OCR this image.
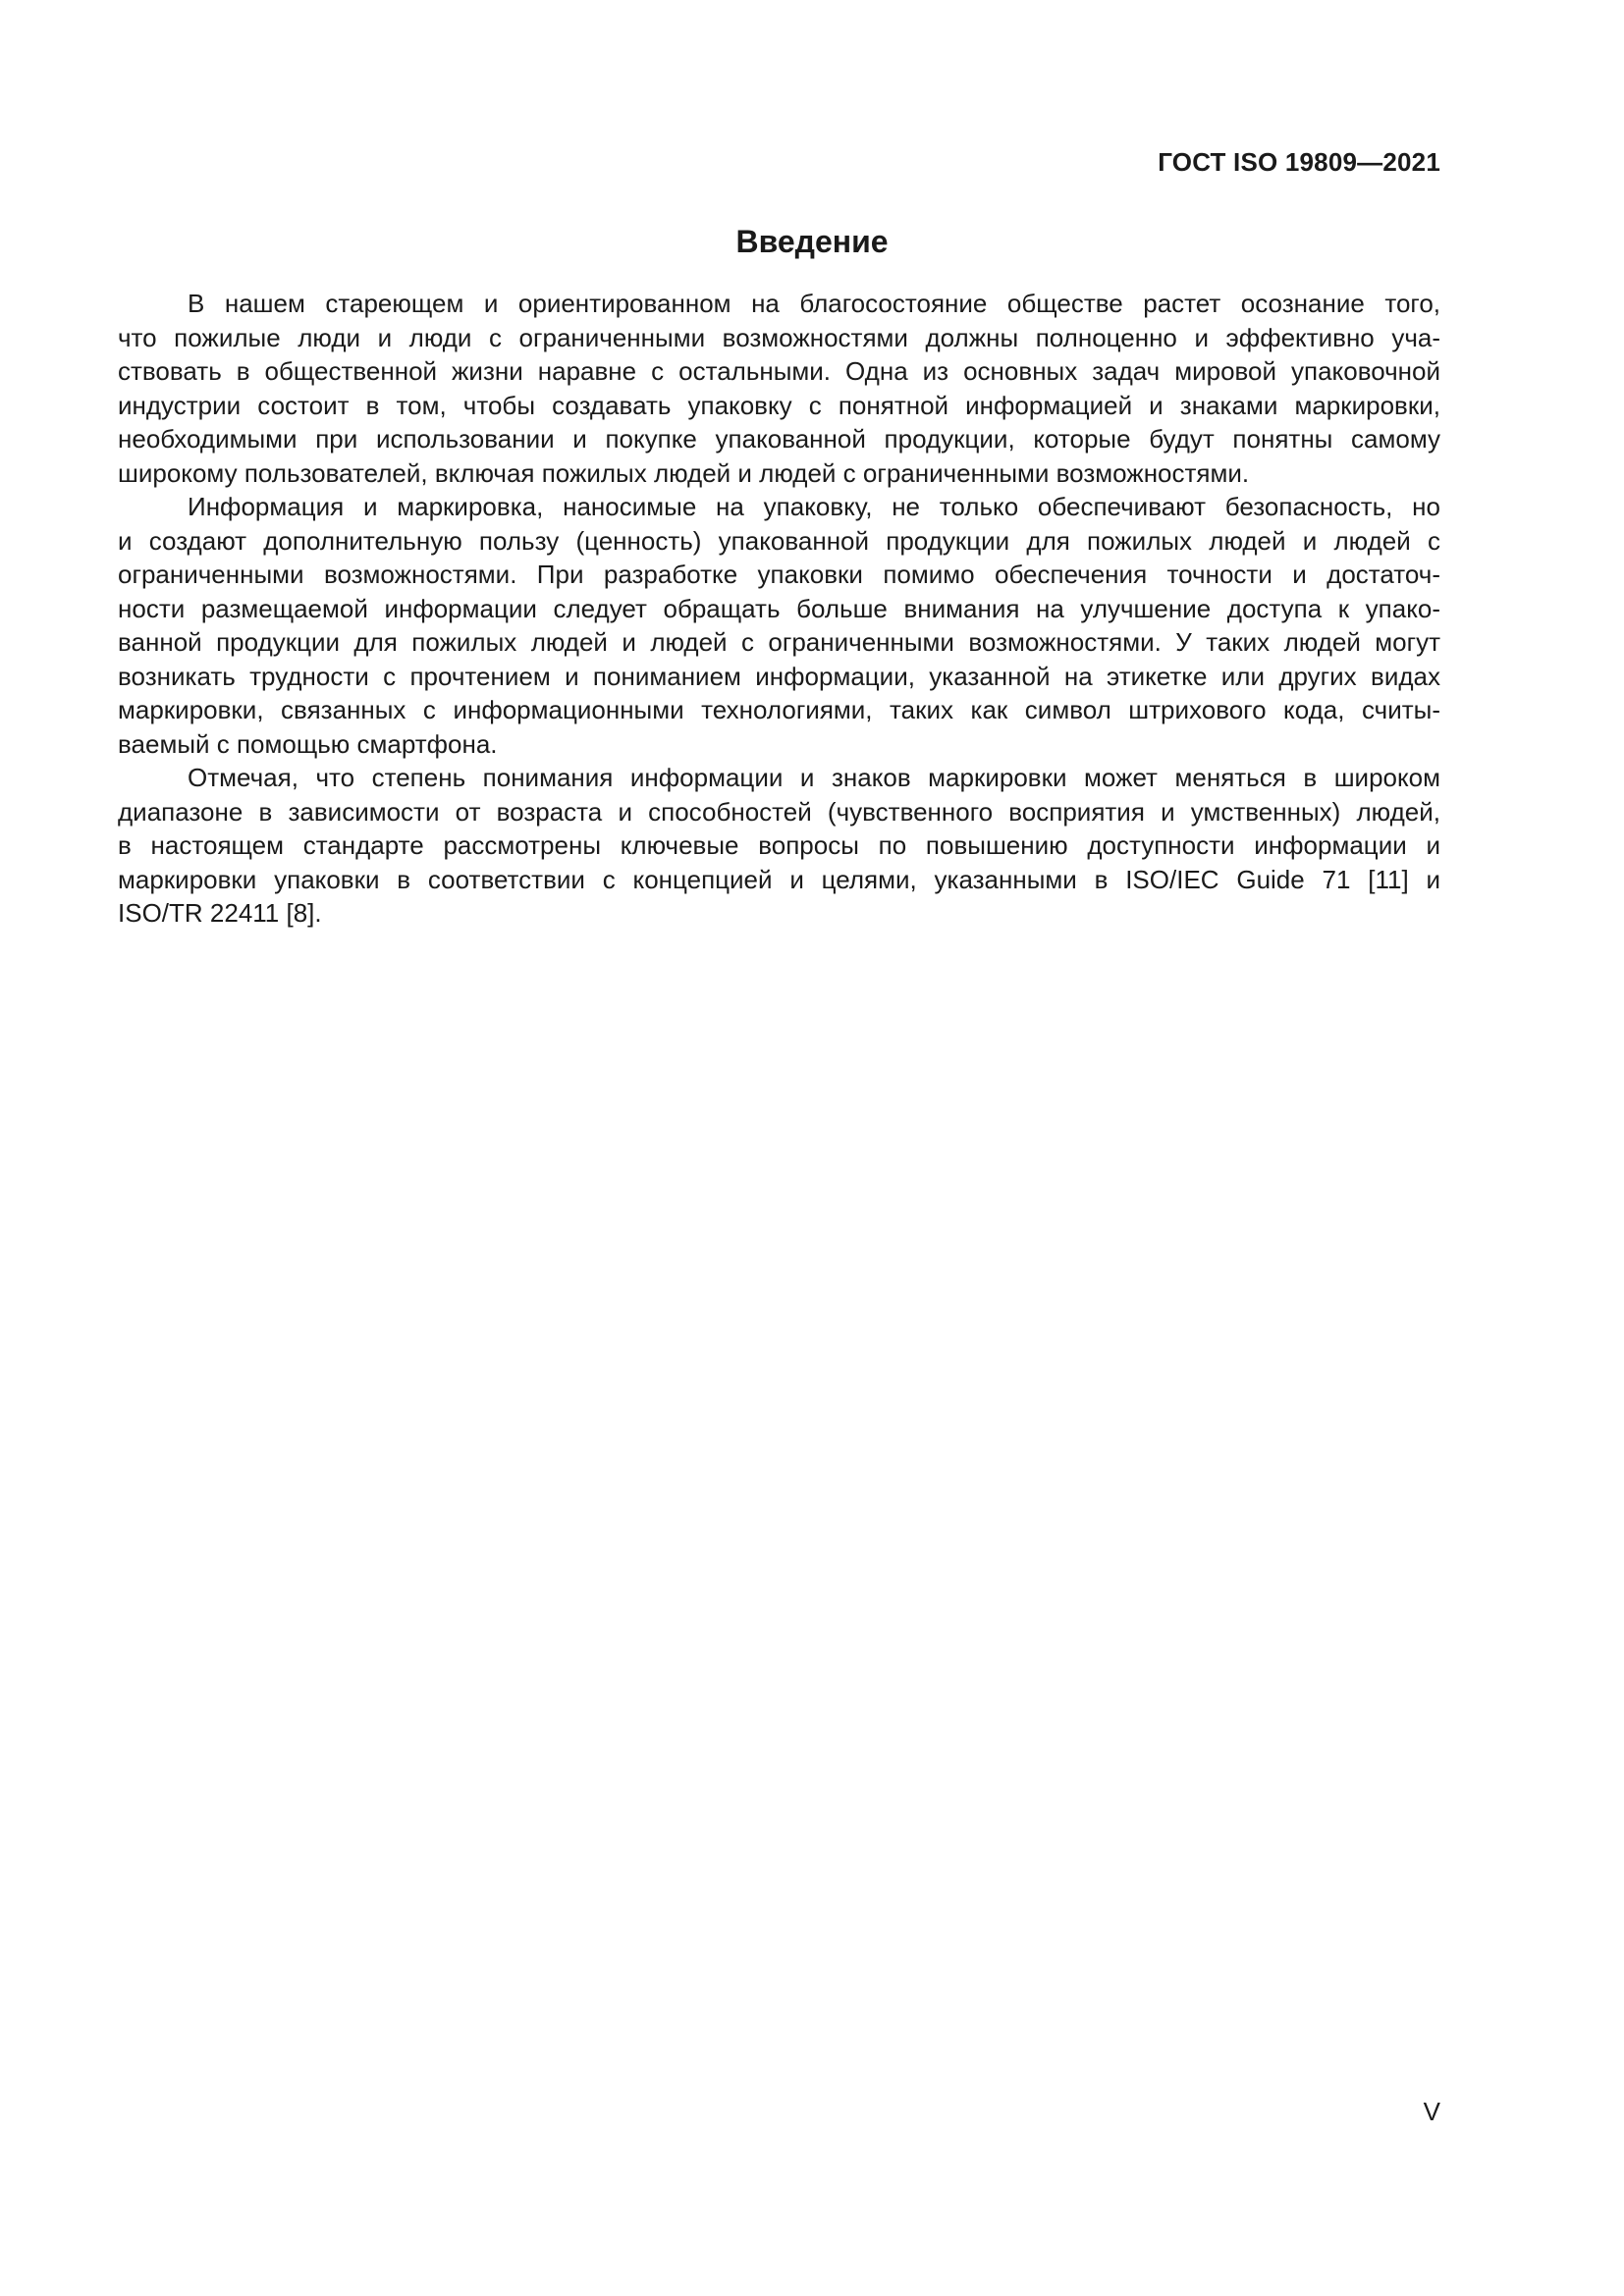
ГОСТ ISO 19809—2021
Введение

В нашем стареющем и ориентированном на благосостояние обществе растет осознание того,
что пожилые люди и люди с ограниченными возможностями должны полноценно и эффективно уча-
ствовать в общественной жизни наравне с остальными. Одна из основных задач мировой упаковочной
индустрии состоит в том, чтобы создавать упаковку с понятной информацией и знаками маркировки,
необходимыми при использовании и покупке упакованной продукции, которые будут понятны самому
широкому пользователей, включая пожилых людей и людей с ограниченными возможностями.

Информация и маркировка, наносимые на упаковку, не только обеспечивают безопасность, но
и создают дополнительную пользу (ценность) упакованной продукции для пожилых людей и людей с
ограниченными возможностями. При разработке упаковки помимо обеспечения точности и достаточ-
ности размещаемой информации следует обращать больше внимания на улучшение доступа к упако-
ванной продукции для пожилых людей и людей с ограниченными возможностями. У таких людей могут
возникать трудности с прочтением и пониманием информации, указанной на этикетке или других видах
маркировки, связанных с информационными технологиями, таких как символ штрихового кода, считы-
ваемый с помощью смартфона.

Отмечая, что степень понимания информации и знаков маркировки может меняться в широком
диапазоне в зависимости от возраста и способностей (чувственного восприятия и умственных) людей,
в настоящем стандарте рассмотрены ключевые вопросы по повышению доступности информации и
маркировки упаковки в соответствии с концепцией и целями, указанными в ISO/IEC Guide 71 [11] и
ISO/TR 22411 [8].

V
